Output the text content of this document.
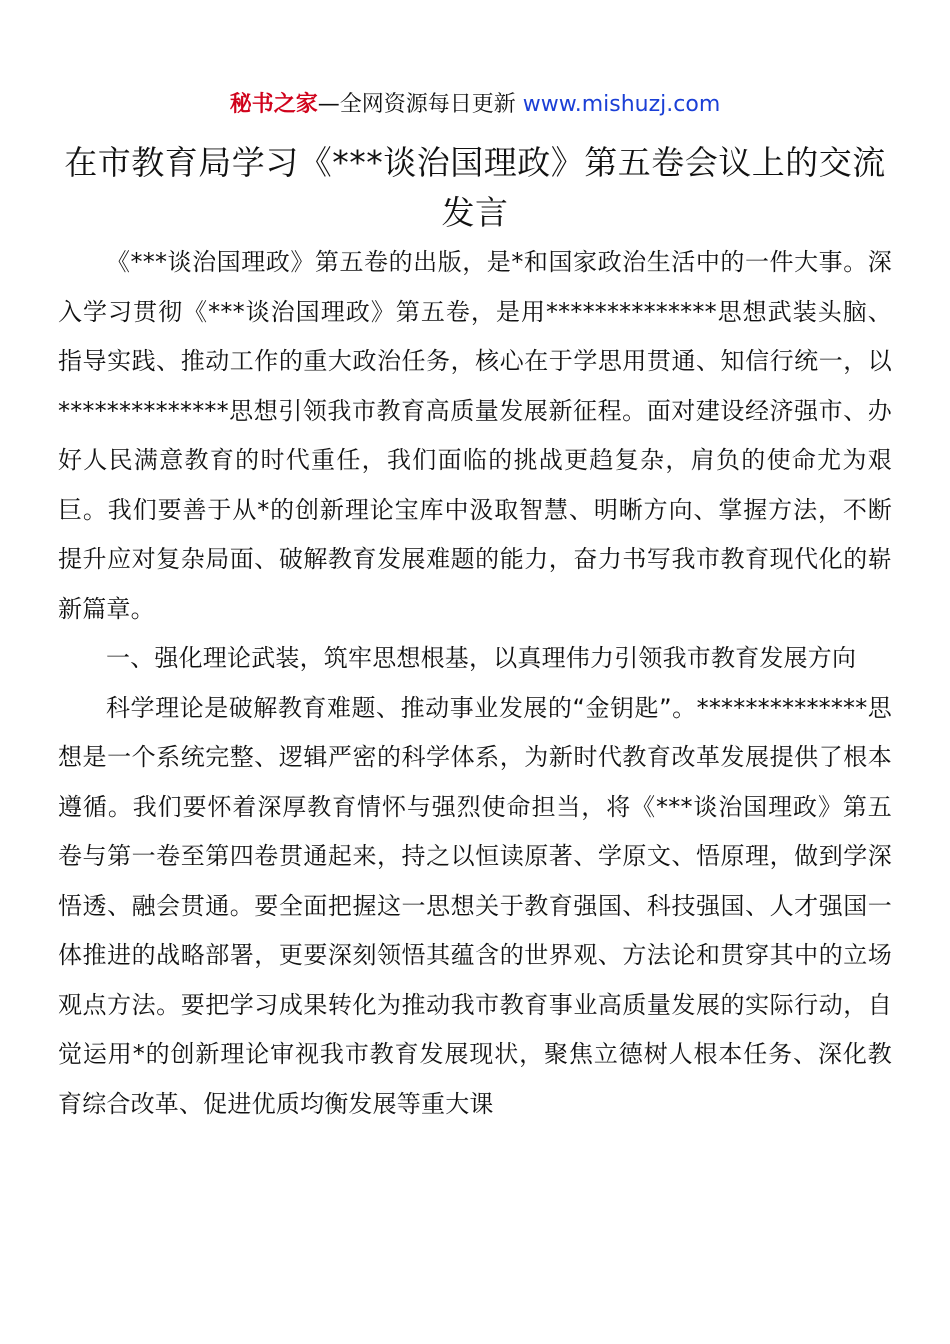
秘书之家—全网资源每日更新 www.mishuzj.com
在市教育局学习《***谈治国理政》第五卷会议上的交流发言

《***谈治国理政》第五卷的出版，是*和国家政治生活中的一件大事。深入学习贯彻《***谈治国理政》第五卷，是用**************思想武装头脑、指导实践、推动工作的重大政治任务，核心在于学思用贯通、知信行统一，以**************思想引领我市教育高质量发展新征程。面对建设经济强市、办好人民满意教育的时代重任，我们面临的挑战更趋复杂，肩负的使命尤为艰巨。我们要善于从*的创新理论宝库中汲取智慧、明晰方向、掌握方法，不断提升应对复杂局面、破解教育发展难题的能力，奋力书写我市教育现代化的崭新篇章。

一、强化理论武装，筑牢思想根基，以真理伟力引领我市教育发展方向

科学理论是破解教育难题、推动事业发展的“金钥匙”。**************思想是一个系统完整、逻辑严密的科学体系，为新时代教育改革发展提供了根本遵循。我们要怀着深厚教育情怀与强烈使命担当，将《***谈治国理政》第五卷与第一卷至第四卷贯通起来，持之以恒读原著、学原文、悟原理，做到学深悟透、融会贯通。要全面把握这一思想关于教育强国、科技强国、人才强国一体推进的战略部署，更要深刻领悟其蕴含的世界观、方法论和贯穿其中的立场观点方法。要把学习成果转化为推动我市教育事业高质量发展的实际行动，自觉运用*的创新理论审视我市教育发展现状，聚焦立德树人根本任务、深化教育综合改革、促进优质均衡发展等重大课
